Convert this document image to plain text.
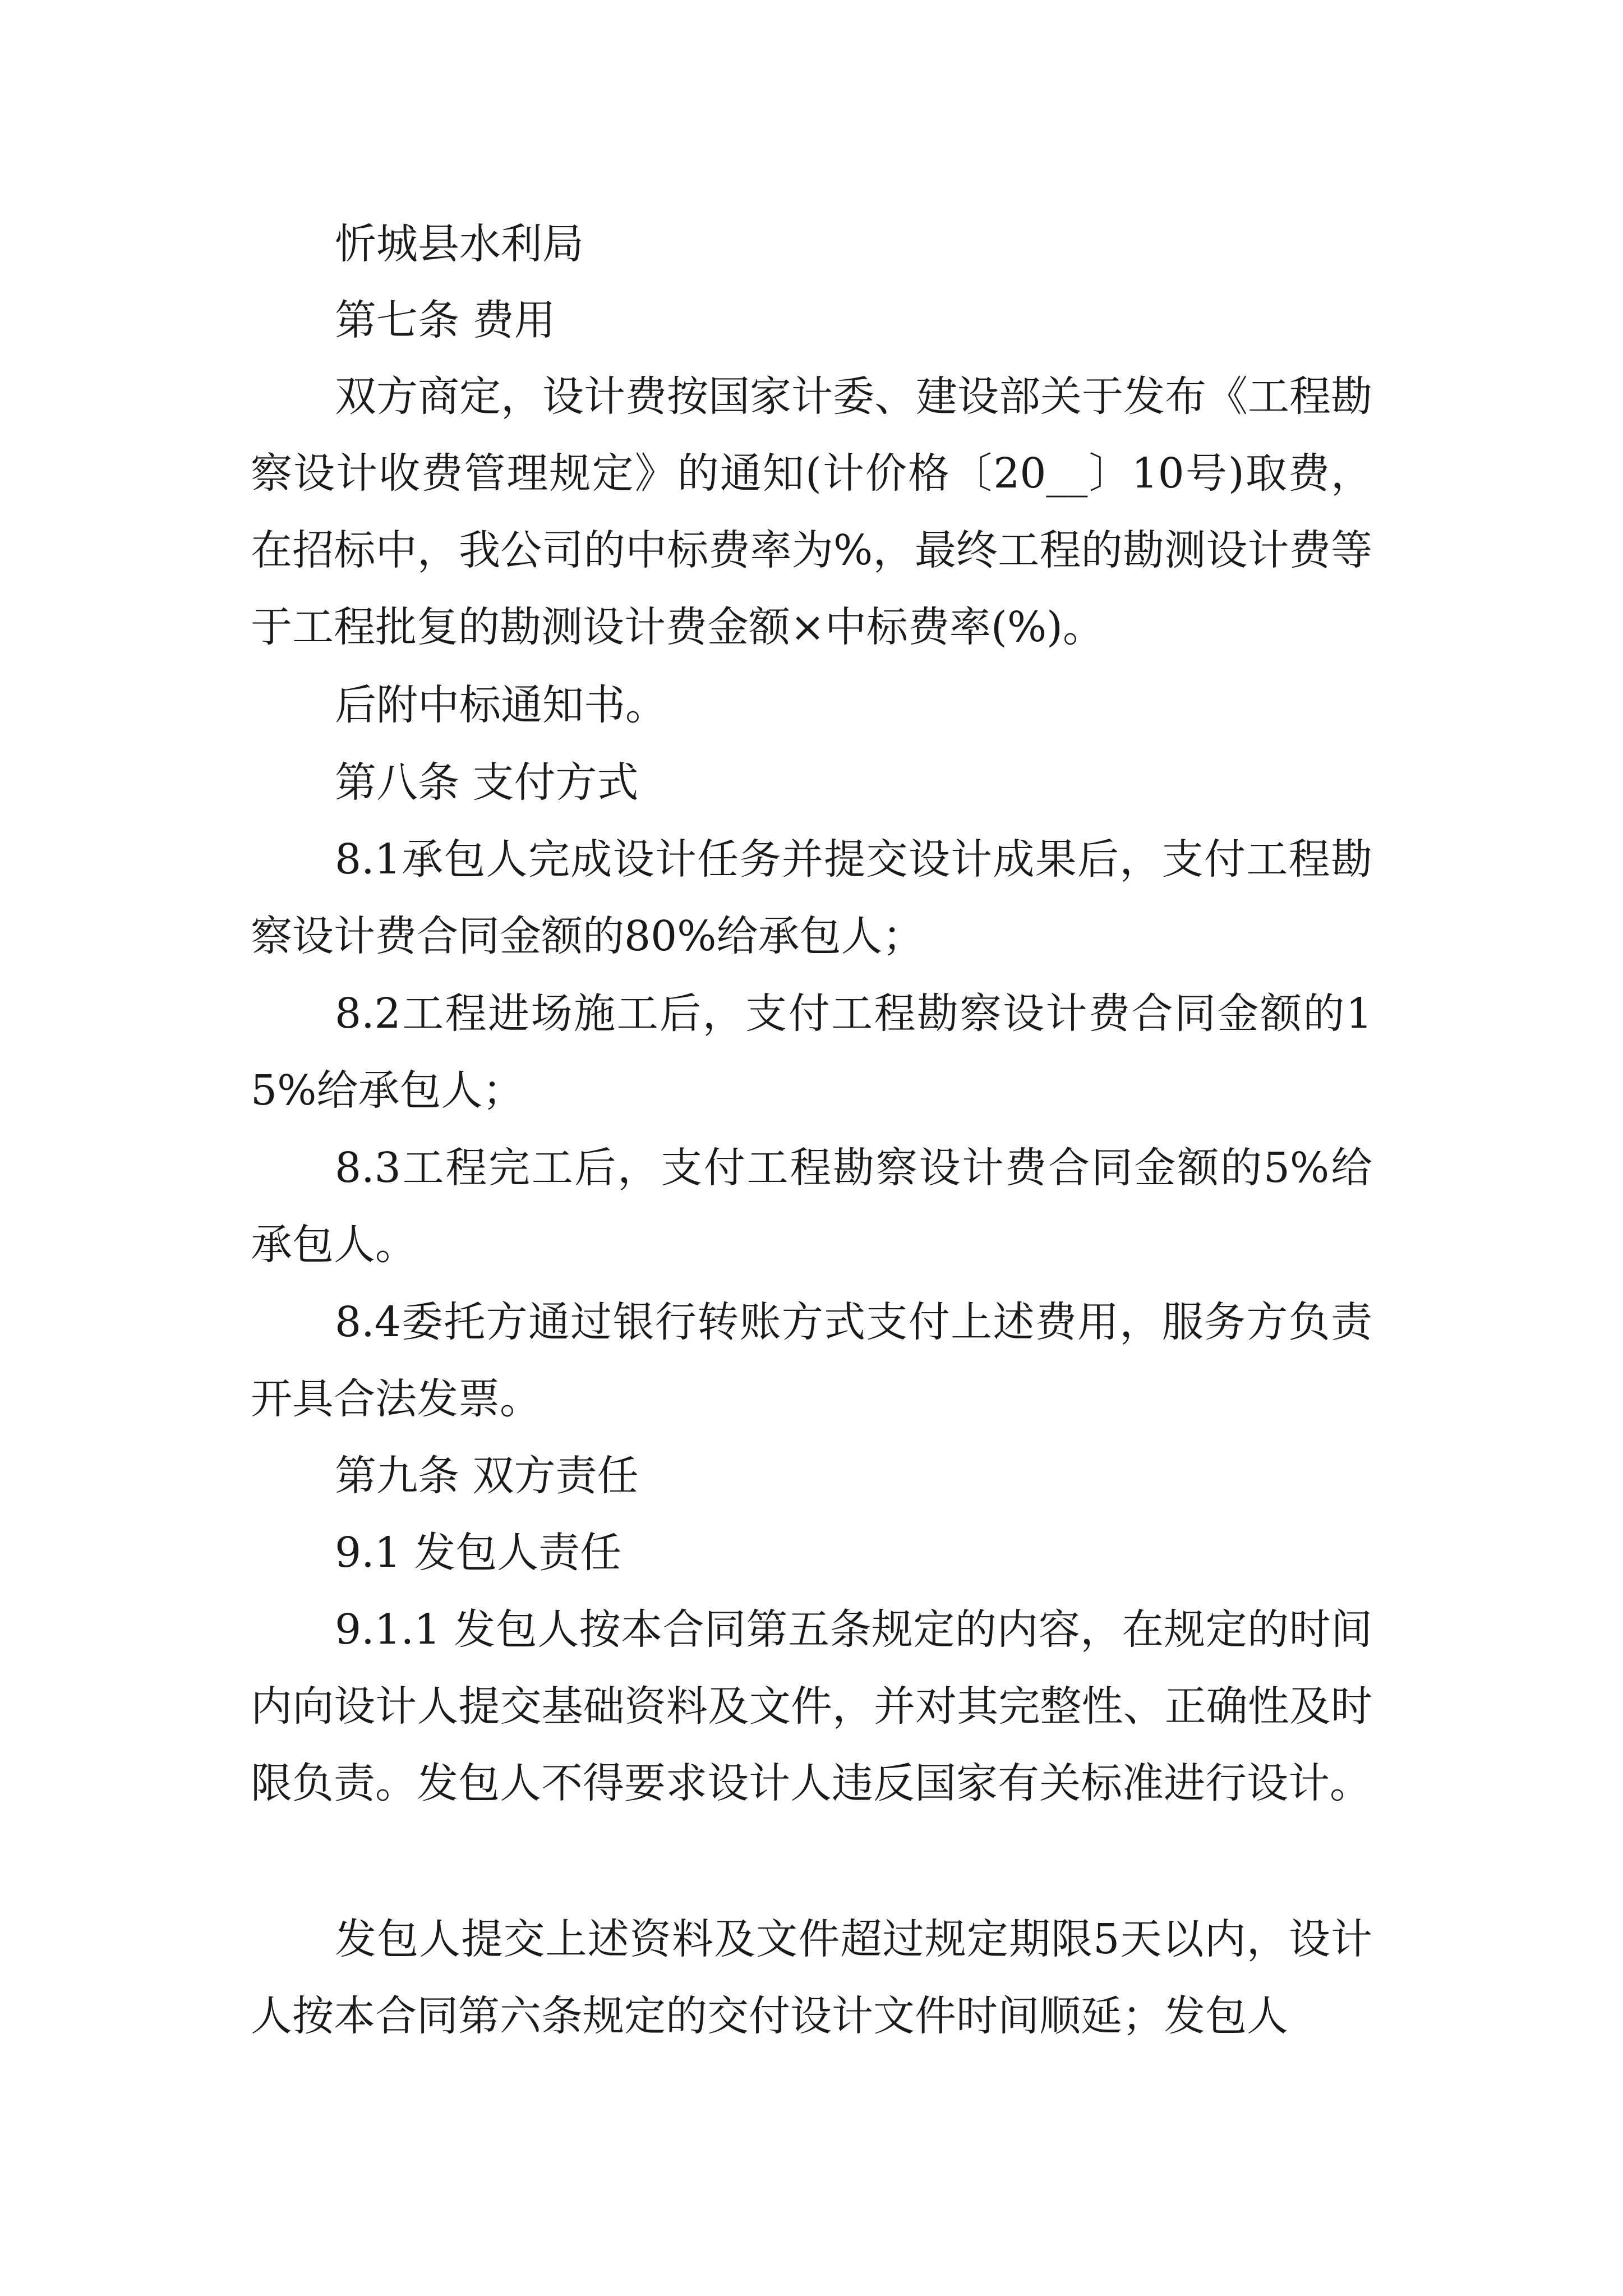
忻城县水利局

第七条 费用

双方商定，设计费按国家计委、建设部关于发布《工程勘察设计收费管理规定》的通知(计价格〔20__〕10号)取费，在招标中，我公司的中标费率为%，最终工程的勘测设计费等于工程批复的勘测设计费金额×中标费率(%)。

后附中标通知书。

第八条 支付方式

8.1承包人完成设计任务并提交设计成果后，支付工程勘察设计费合同金额的80%给承包人；

8.2工程进场施工后，支付工程勘察设计费合同金额的15%给承包人；

8.3工程完工后，支付工程勘察设计费合同金额的5%给承包人。

8.4委托方通过银行转账方式支付上述费用，服务方负责开具合法发票。

第九条 双方责任

9.1 发包人责任

9.1.1 发包人按本合同第五条规定的内容，在规定的时间内向设计人提交基础资料及文件，并对其完整性、正确性及时限负责。发包人不得要求设计人违反国家有关标准进行设计。

发包人提交上述资料及文件超过规定期限5天以内，设计人按本合同第六条规定的交付设计文件时间顺延；发包人
